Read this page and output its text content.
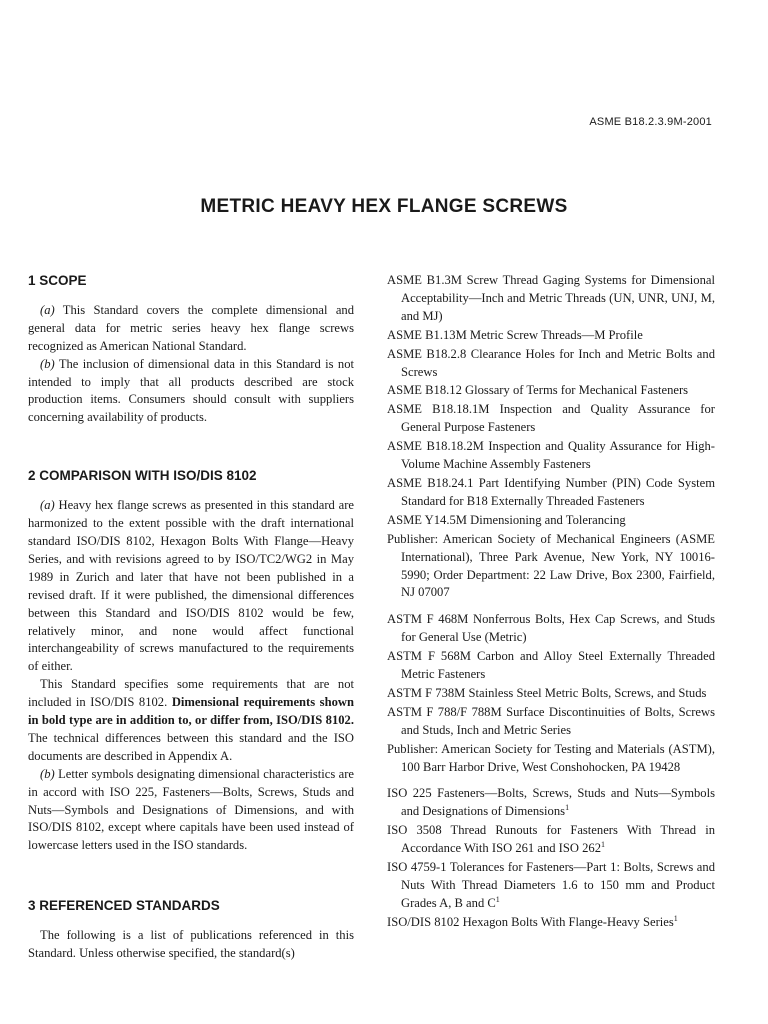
ASME B18.2.3.9M-2001
METRIC HEAVY HEX FLANGE SCREWS
1 SCOPE

(a) This Standard covers the complete dimensional and general data for metric series heavy hex flange screws recognized as American National Standard.

(b) The inclusion of dimensional data in this Standard is not intended to imply that all products described are stock production items. Consumers should consult with suppliers concerning availability of products.

2 COMPARISON WITH ISO/DIS 8102

(a) Heavy hex flange screws as presented in this standard are harmonized to the extent possible with the draft international standard ISO/DIS 8102, Hexagon Bolts With Flange—Heavy Series, and with revisions agreed to by ISO/TC2/WG2 in May 1989 in Zurich and later that have not been published in a revised draft. If it were published, the dimensional differences between this Standard and ISO/DIS 8102 would be few, relatively minor, and none would affect functional interchangeability of screws manufactured to the requirements of either.

This Standard specifies some requirements that are not included in ISO/DIS 8102. Dimensional requirements shown in bold type are in addition to, or differ from, ISO/DIS 8102. The technical differences between this standard and the ISO documents are described in Appendix A.

(b) Letter symbols designating dimensional characteristics are in accord with ISO 225, Fasteners—Bolts, Screws, Studs and Nuts—Symbols and Designations of Dimensions, and with ISO/DIS 8102, except where capitals have been used instead of lowercase letters used in the ISO standards.

3 REFERENCED STANDARDS

The following is a list of publications referenced in this Standard. Unless otherwise specified, the standard(s)

ASME B1.3M Screw Thread Gaging Systems for Dimensional Acceptability—Inch and Metric Threads (UN, UNR, UNJ, M, and MJ)

ASME B1.13M Metric Screw Threads—M Profile

ASME B18.2.8 Clearance Holes for Inch and Metric Bolts and Screws

ASME B18.12 Glossary of Terms for Mechanical Fasteners

ASME B18.18.1M Inspection and Quality Assurance for General Purpose Fasteners

ASME B18.18.2M Inspection and Quality Assurance for High-Volume Machine Assembly Fasteners

ASME B18.24.1 Part Identifying Number (PIN) Code System Standard for B18 Externally Threaded Fasteners

ASME Y14.5M Dimensioning and Tolerancing

Publisher: American Society of Mechanical Engineers (ASME International), Three Park Avenue, New York, NY 10016-5990; Order Department: 22 Law Drive, Box 2300, Fairfield, NJ 07007

ASTM F 468M Nonferrous Bolts, Hex Cap Screws, and Studs for General Use (Metric)

ASTM F 568M Carbon and Alloy Steel Externally Threaded Metric Fasteners

ASTM F 738M Stainless Steel Metric Bolts, Screws, and Studs

ASTM F 788/F 788M Surface Discontinuities of Bolts, Screws and Studs, Inch and Metric Series

Publisher: American Society for Testing and Materials (ASTM), 100 Barr Harbor Drive, West Conshohocken, PA 19428

ISO 225 Fasteners—Bolts, Screws, Studs and Nuts—Symbols and Designations of Dimensions$^1$

ISO 3508 Thread Runouts for Fasteners With Thread in Accordance With ISO 261 and ISO $262^1$

ISO 4759-1 Tolerances for Fasteners—Part 1: Bolts, Screws and Nuts With Thread Diameters 1.6 to 150 mm and Product Grades A, B and $C^1$

ISO/DIS 8102 Hexagon Bolts With Flange-Heavy Series$^1$
